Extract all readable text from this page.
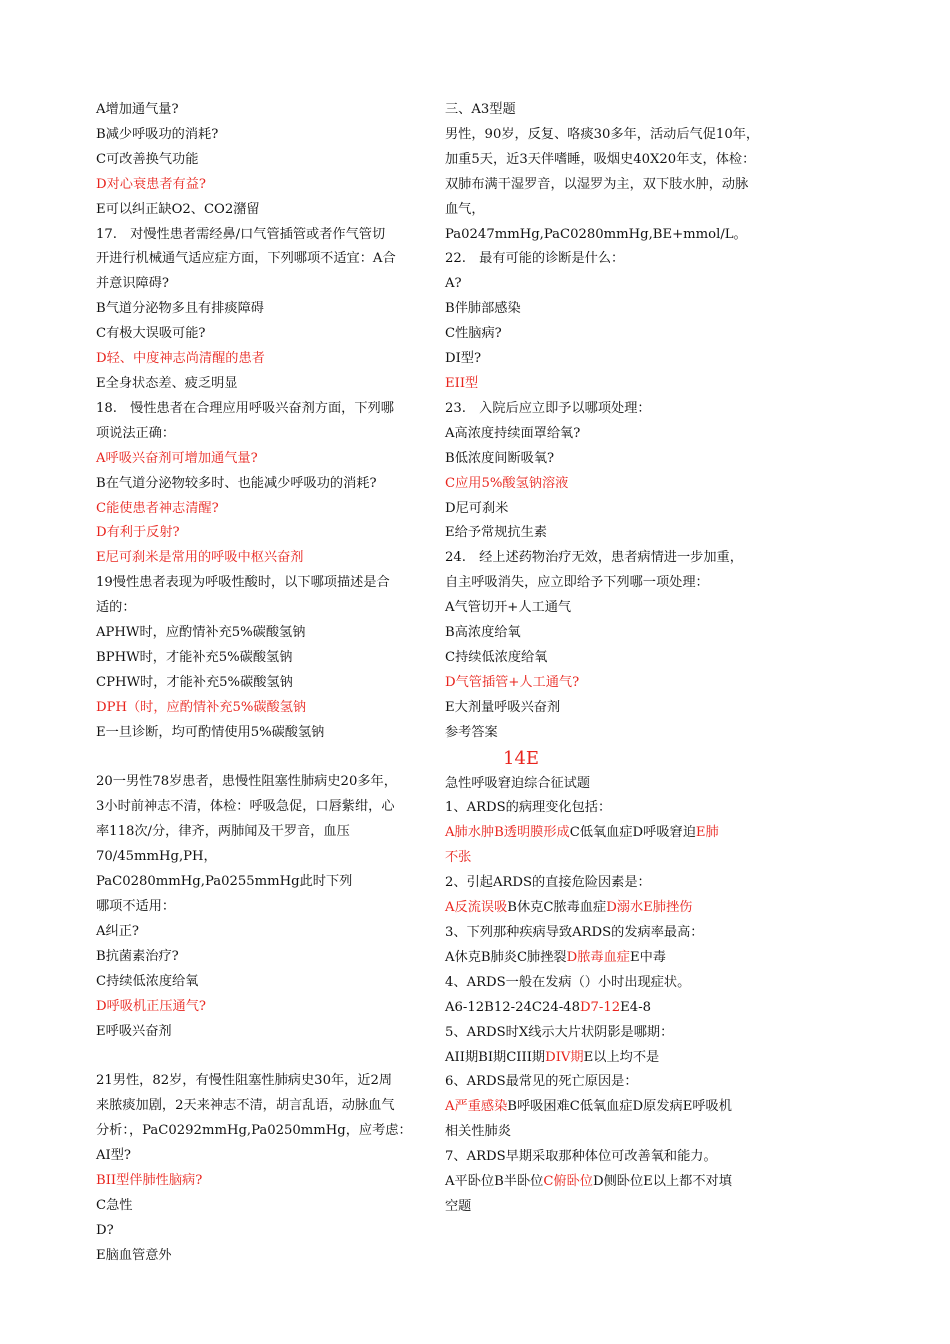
A增加通气量?
B减少呼吸功的消耗?
C可改善换气功能
D对心衰患者有益?
E可以纠正缺O2、CO2潴留
17.　对慢性患者需经鼻/口气管插管或者作气管切
开进行机械通气适应症方面，下列哪项不适宜：A合
并意识障碍?
B气道分泌物多且有排痰障碍
C有极大误吸可能?
D轻、中度神志尚清醒的患者
E全身状态差、疲乏明显
18.　慢性患者在合理应用呼吸兴奋剂方面，下列哪
项说法正确：
A呼吸兴奋剂可增加通气量?
B在气道分泌物较多时、也能减少呼吸功的消耗?
C能使患者神志清醒?
D有利于反射?
E尼可刹米是常用的呼吸中枢兴奋剂
19慢性患者表现为呼吸性酸时，以下哪项描述是合
适的：
APHW时，应酌情补充5%碳酸氢钠
BPHW时，才能补充5%碳酸氢钠
CPHW时，才能补充5%碳酸氢钠
DPH（时，应酌情补充5%碳酸氢钠
E一旦诊断，均可酌情使用5%碳酸氢钠
20一男性78岁患者，患慢性阻塞性肺病史20多年，
3小时前神志不清，体检：呼吸急促，口唇紫绀，心
率118次/分，律齐，两肺闻及干罗音，血压
70/45mmHg,PH，PaC0280mmHg,Pa0255mmHg此时下列
哪项不适用：
A纠正?
B抗菌素治疗?
C持续低浓度给氧
D呼吸机正压通气?
E呼吸兴奋剂
21男性，82岁，有慢性阻塞性肺病史30年，近2周
来脓痰加剧，2天来神志不清，胡言乱语，动脉血气
分析：，PaC0292mmHg,Pa0250mmHg，应考虑：AI型?
BII型伴肺性脑病?
C急性
D?
E脑血管意外
三、A3型题
男性，90岁，反复、咯痰30多年，活动后气促10年，
加重5天，近3天伴嗜睡，吸烟史40X20年支，体检：
双肺布满干湿罗音，以湿罗为主，双下肢水肿，动脉
血气，Pa0247mmHg,PaC0280mmHg,BE+mmol/L。
22.　最有可能的诊断是什么：
A?
B伴肺部感染
C性脑病?
DI型?
EII型
23.　入院后应立即予以哪项处理：
A高浓度持续面罩给氧?
B低浓度间断吸氧?
C应用5%酸氢钠溶液
D尼可刹米
E给予常规抗生素
24.　经上述药物治疗无效，患者病情进一步加重，
自主呼吸消失，应立即给予下列哪一项处理：
A气管切开+人工通气
B高浓度给氧
C持续低浓度给氧
D气管插管+人工通气?
E大剂量呼吸兴奋剂
参考答案
14E
急性呼吸窘迫综合征试题
1、ARDS的病理变化包括：
A肺水肿B透明膜形成C低氧血症D呼吸窘迫E肺
不张
2、引起ARDS的直接危险因素是：
A反流误吸B休克C脓毒血症D溺水E肺挫伤
3、下列那种疾病导致ARDS的发病率最高：
A休克B肺炎C肺挫裂D脓毒血症E中毒
4、ARDS一般在发病（）小时出现症状。
A6-12B12-24C24-48D7-12E4-8
5、ARDS时X线示大片状阴影是哪期：
AII期BI期CIII期DIV期E以上均不是
6、ARDS最常见的死亡原因是：
A严重感染B呼吸困难C低氧血症D原发病E呼吸机
相关性肺炎
7、ARDS早期采取那种体位可改善氧和能力。
A平卧位B半卧位C俯卧位D侧卧位E以上都不对填
空题
